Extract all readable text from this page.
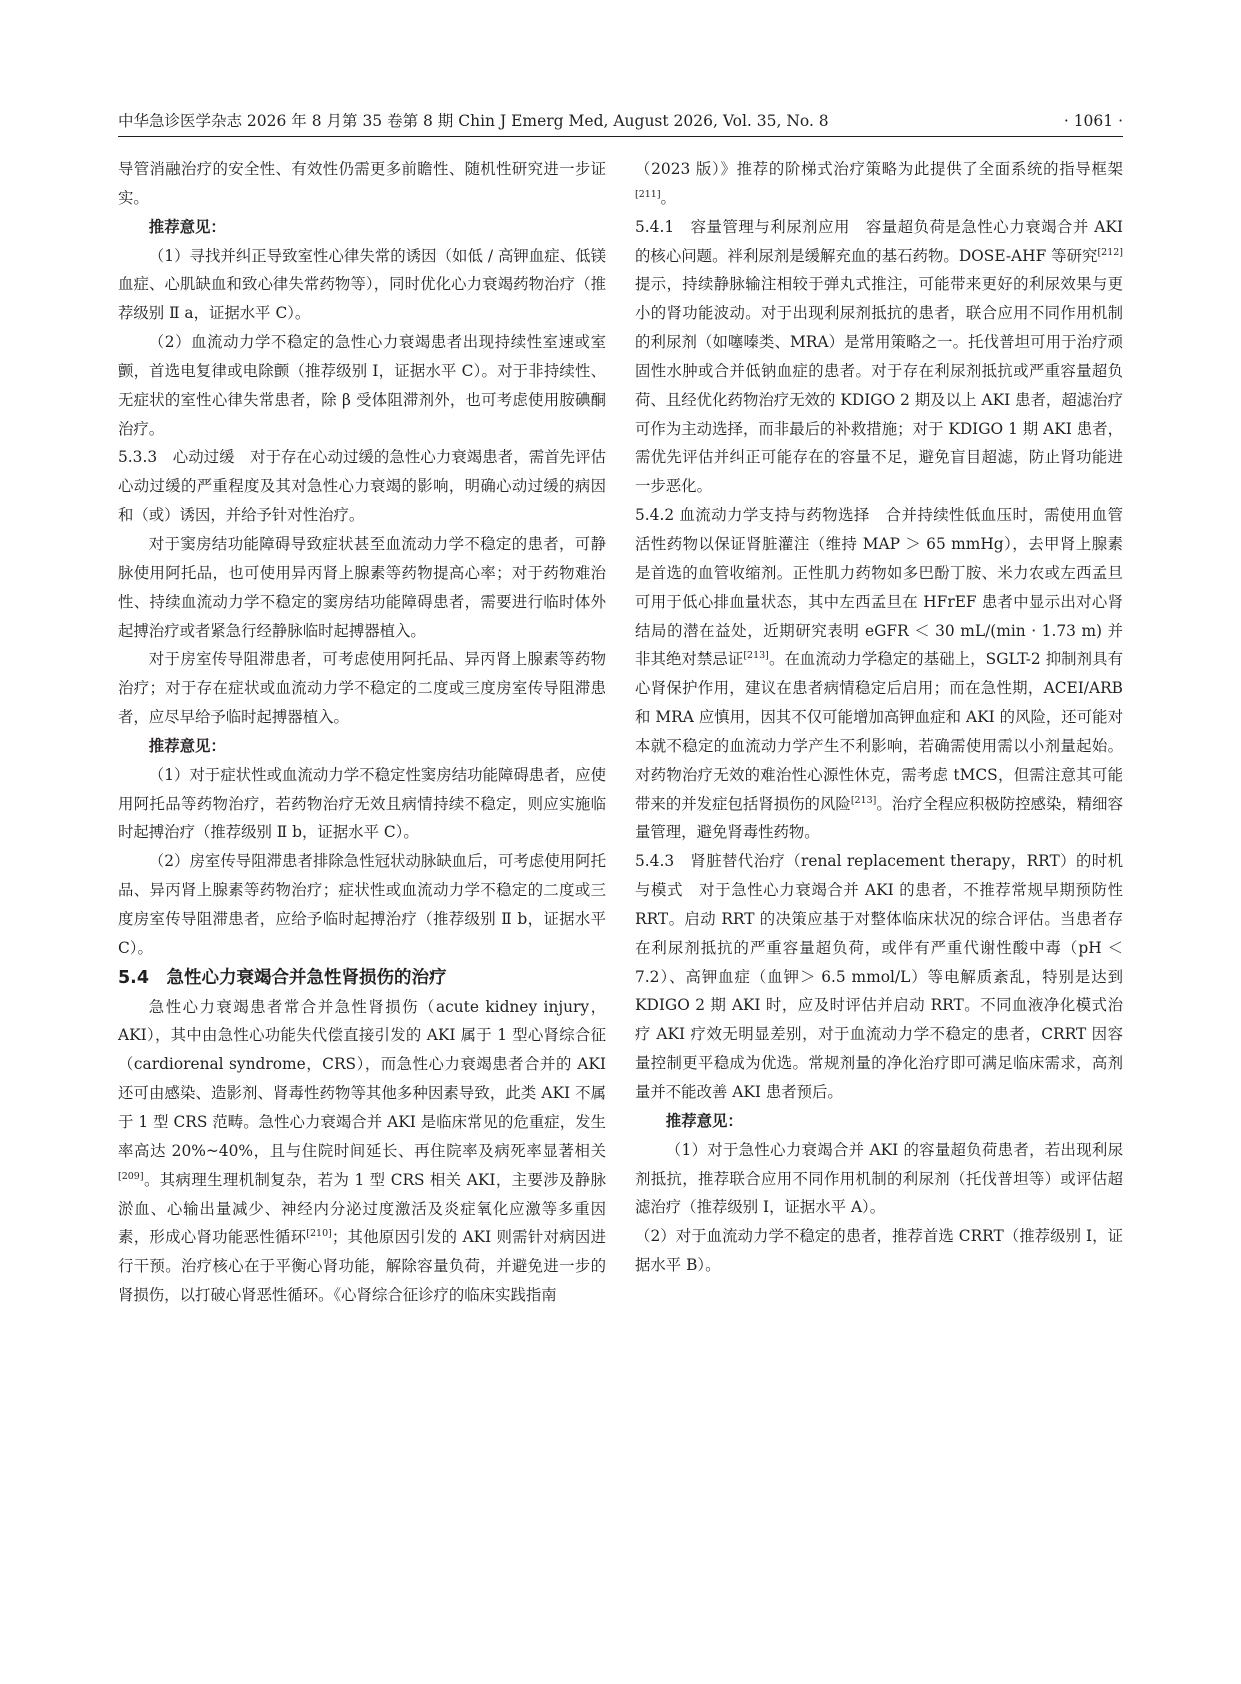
中华急诊医学杂志 2026 年 8 月第 35 卷第 8 期 Chin J Emerg Med, August 2026, Vol. 35, No. 8	· 1061 ·

导管消融治疗的安全性、有效性仍需更多前瞻性、随机性研究进一步证实。

推荐意见：

（1）寻找并纠正导致室性心律失常的诱因（如低 / 高钾血症、低镁血症、心肌缺血和致心律失常药物等），同时优化心力衰竭药物治疗（推荐级别 Ⅱ a，证据水平 C）。

（2）血流动力学不稳定的急性心力衰竭患者出现持续性室速或室颤，首选电复律或电除颤（推荐级别 Ⅰ，证据水平 C）。对于非持续性、无症状的室性心律失常患者，除 β 受体阻滞剂外，也可考虑使用胺碘酮治疗。

5.3.3　心动过缓　对于存在心动过缓的急性心力衰竭患者，需首先评估心动过缓的严重程度及其对急性心力衰竭的影响，明确心动过缓的病因和（或）诱因，并给予针对性治疗。

对于窦房结功能障碍导致症状甚至血流动力学不稳定的患者，可静脉使用阿托品，也可使用异丙肾上腺素等药物提高心率；对于药物难治性、持续血流动力学不稳定的窦房结功能障碍患者，需要进行临时体外起搏治疗或者紧急行经静脉临时起搏器植入。

对于房室传导阻滞患者，可考虑使用阿托品、异丙肾上腺素等药物治疗；对于存在症状或血流动力学不稳定的二度或三度房室传导阻滞患者，应尽早给予临时起搏器植入。

推荐意见：

（1）对于症状性或血流动力学不稳定性窦房结功能障碍患者，应使用阿托品等药物治疗，若药物治疗无效且病情持续不稳定，则应实施临时起搏治疗（推荐级别 Ⅱ b，证据水平 C）。

（2）房室传导阻滞患者排除急性冠状动脉缺血后，可考虑使用阿托品、异丙肾上腺素等药物治疗；症状性或血流动力学不稳定的二度或三度房室传导阻滞患者，应给予临时起搏治疗（推荐级别 Ⅱ b，证据水平 C）。

5.4　急性心力衰竭合并急性肾损伤的治疗

急性心力衰竭患者常合并急性肾损伤（acute kidney injury，AKI），其中由急性心功能失代偿直接引发的 AKI 属于 1 型心肾综合征（cardiorenal syndrome，CRS），而急性心力衰竭患者合并的 AKI 还可由感染、造影剂、肾毒性药物等其他多种因素导致，此类 AKI 不属于 1 型 CRS 范畴。急性心力衰竭合并 AKI 是临床常见的危重症，发生率高达 20%~40%，且与住院时间延长、再住院率及病死率显著相关[209]。其病理生理机制复杂，若为 1 型 CRS 相关 AKI，主要涉及静脉淤血、心输出量减少、神经内分泌过度激活及炎症氧化应激等多重因素，形成心肾功能恶性循环[210]；其他原因引发的 AKI 则需针对病因进行干预。治疗核心在于平衡心肾功能，解除容量负荷，并避免进一步的肾损伤，以打破心肾恶性循环。《心肾综合征诊疗的临床实践指南

（2023 版）》推荐的阶梯式治疗策略为此提供了全面系统的指导框架[211]。

5.4.1　容量管理与利尿剂应用　容量超负荷是急性心力衰竭合并 AKI 的核心问题。袢利尿剂是缓解充血的基石药物。DOSE-AHF 等研究[212]提示，持续静脉输注相较于弹丸式推注，可能带来更好的利尿效果与更小的肾功能波动。对于出现利尿剂抵抗的患者，联合应用不同作用机制的利尿剂（如噻嗪类、MRA）是常用策略之一。托伐普坦可用于治疗顽固性水肿或合并低钠血症的患者。对于存在利尿剂抵抗或严重容量超负荷、且经优化药物治疗无效的 KDIGO 2 期及以上 AKI 患者，超滤治疗可作为主动选择，而非最后的补救措施；对于 KDIGO 1 期 AKI 患者，需优先评估并纠正可能存在的容量不足，避免盲目超滤，防止肾功能进一步恶化。

5.4.2 血流动力学支持与药物选择　合并持续性低血压时，需使用血管活性药物以保证肾脏灌注（维持 MAP ＞ 65 mmHg），去甲肾上腺素是首选的血管收缩剂。正性肌力药物如多巴酚丁胺、米力农或左西孟旦可用于低心排血量状态，其中左西孟旦在 HFrEF 患者中显示出对心肾结局的潜在益处，近期研究表明 eGFR ＜ 30 mL/(min · 1.73 m) 并非其绝对禁忌证[213]。在血流动力学稳定的基础上，SGLT-2 抑制剂具有心肾保护作用，建议在患者病情稳定后启用；而在急性期，ACEI/ARB 和 MRA 应慎用，因其不仅可能增加高钾血症和 AKI 的风险，还可能对本就不稳定的血流动力学产生不利影响，若确需使用需以小剂量起始。对药物治疗无效的难治性心源性休克，需考虑 tMCS，但需注意其可能带来的并发症包括肾损伤的风险[213]。治疗全程应积极防控感染，精细容量管理，避免肾毒性药物。

5.4.3　肾脏替代治疗（renal replacement therapy，RRT）的时机与模式　对于急性心力衰竭合并 AKI 的患者，不推荐常规早期预防性 RRT。启动 RRT 的决策应基于对整体临床状况的综合评估。当患者存在利尿剂抵抗的严重容量超负荷，或伴有严重代谢性酸中毒（pH ＜ 7.2）、高钾血症（血钾＞ 6.5 mmol/L）等电解质紊乱，特别是达到 KDIGO 2 期 AKI 时，应及时评估并启动 RRT。不同血液净化模式治疗 AKI 疗效无明显差别，对于血流动力学不稳定的患者，CRRT 因容量控制更平稳成为优选。常规剂量的净化治疗即可满足临床需求，高剂量并不能改善 AKI 患者预后。

推荐意见：

（1）对于急性心力衰竭合并 AKI 的容量超负荷患者，若出现利尿剂抵抗，推荐联合应用不同作用机制的利尿剂（托伐普坦等）或评估超滤治疗（推荐级别 Ⅰ，证据水平 A）。

（2）对于血流动力学不稳定的患者，推荐首选 CRRT（推荐级别 Ⅰ，证据水平 B）。
